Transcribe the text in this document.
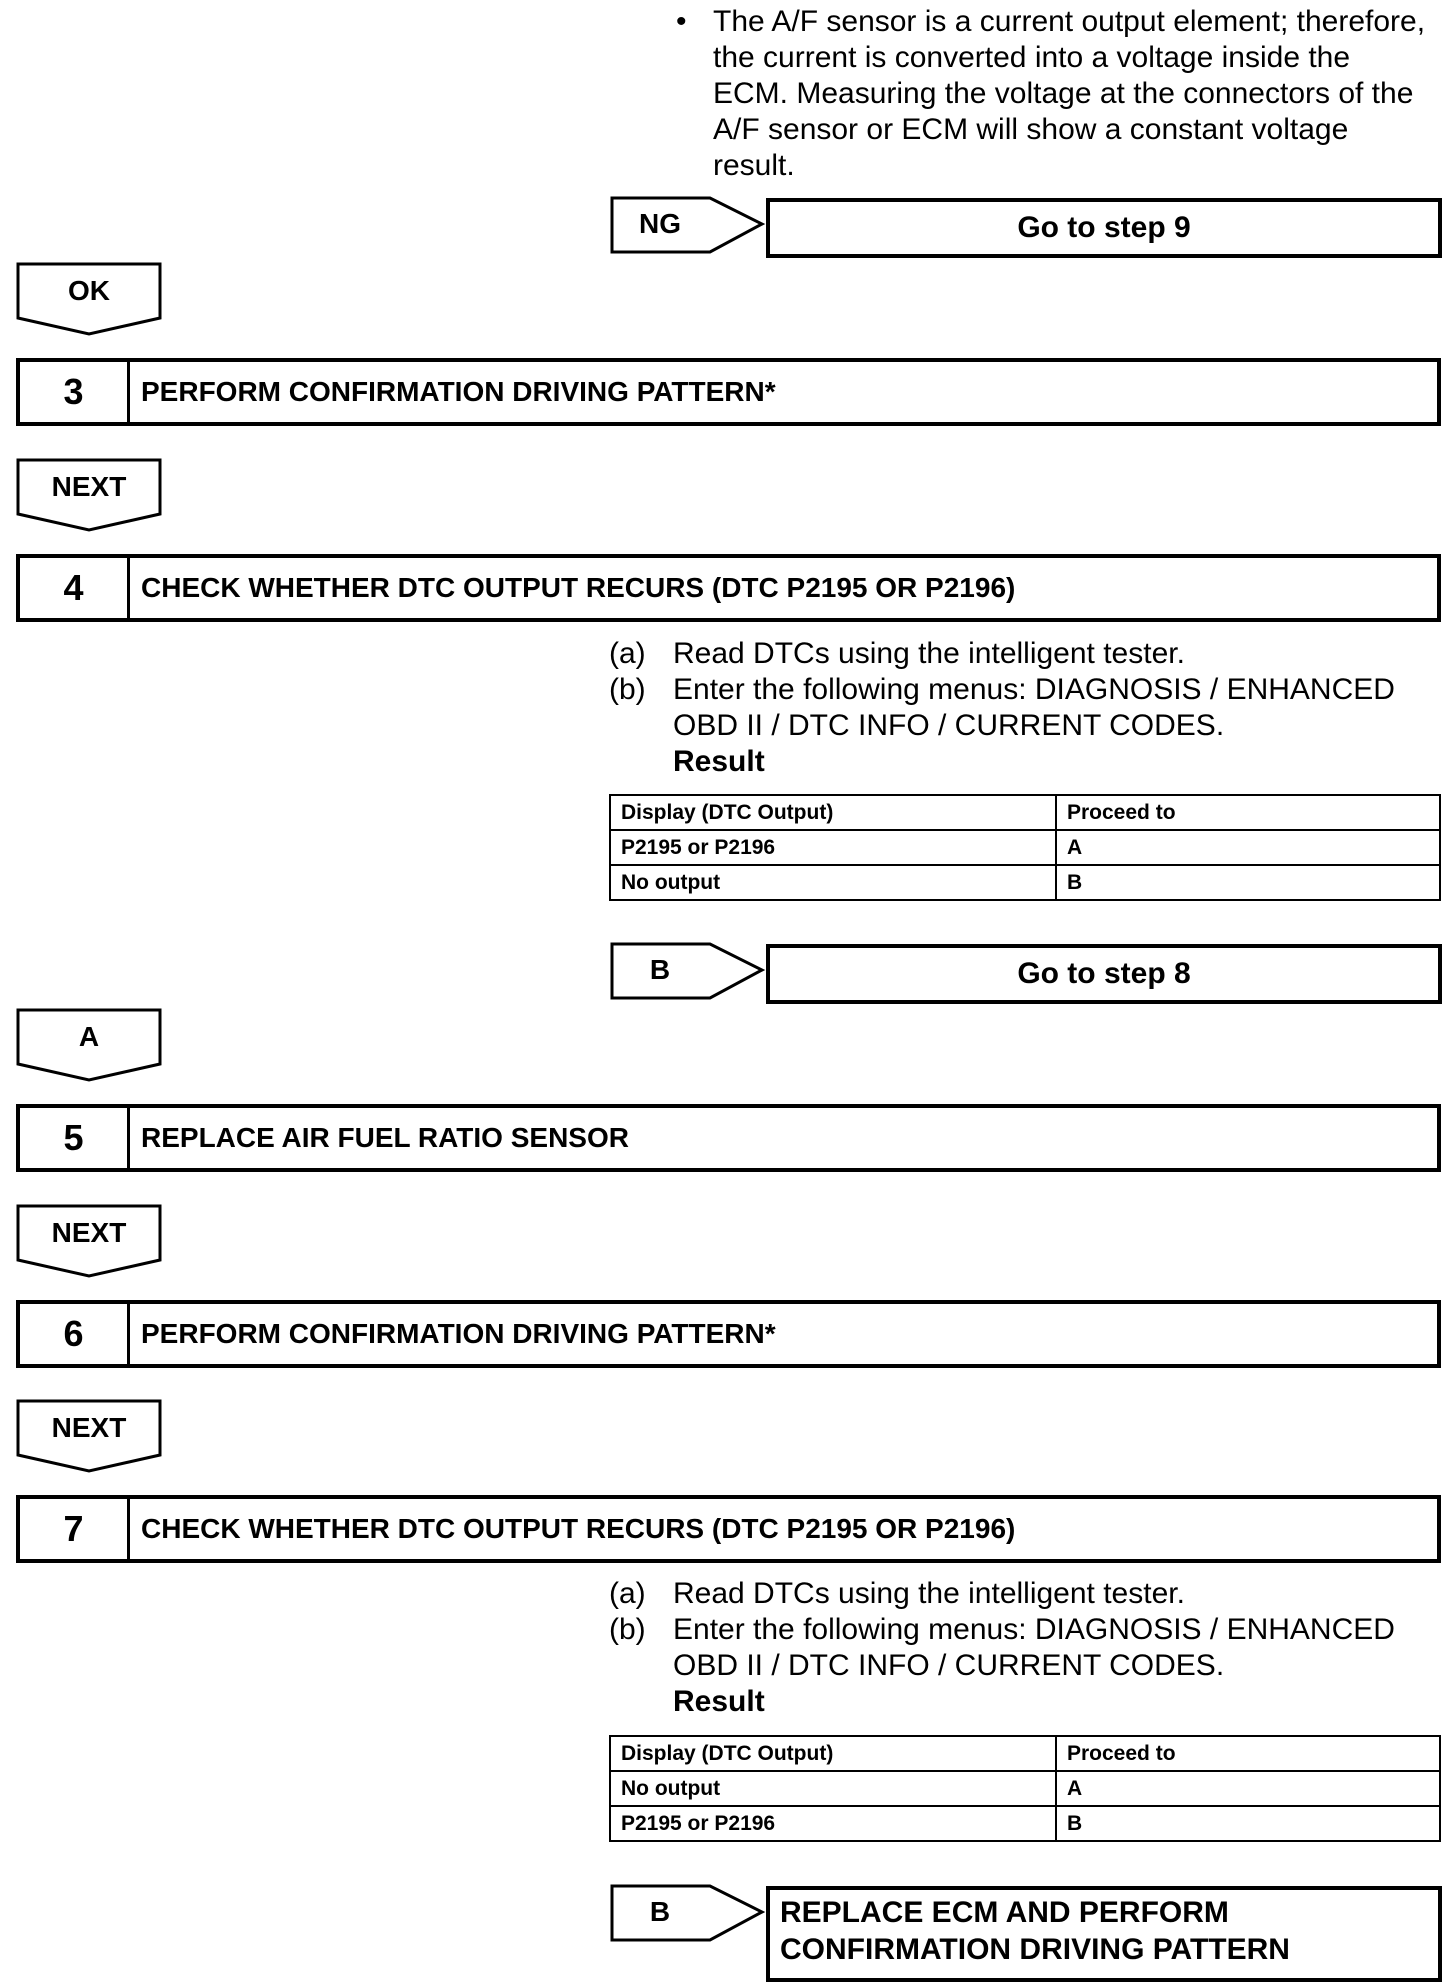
• The A/F sensor is a current output element; therefore,
the current is converted into a voltage inside the
ECM. Measuring the voltage at the connectors of the
A/F sensor or ECM will show a constant voltage
result.
NG	Go to step 9
OK
3	PERFORM CONFIRMATION DRIVING PATTERN*
NEXT
4	CHECK WHETHER DTC OUTPUT RECURS (DTC P2195 OR P2196)
(a) Read DTCs using the intelligent tester.
(b) Enter the following menus: DIAGNOSIS / ENHANCED
OBD II / DTC INFO / CURRENT CODES.
Result
Display (DTC Output)	Proceed to
P2195 or P2196	A
No output	B
B	Go to step 8
A
5	REPLACE AIR FUEL RATIO SENSOR
NEXT
6	PERFORM CONFIRMATION DRIVING PATTERN*
NEXT
7	CHECK WHETHER DTC OUTPUT RECURS (DTC P2195 OR P2196)
(a) Read DTCs using the intelligent tester.
(b) Enter the following menus: DIAGNOSIS / ENHANCED
OBD II / DTC INFO / CURRENT CODES.
Result
Display (DTC Output)	Proceed to
No output	A
P2195 or P2196	B
B	REPLACE ECM AND PERFORM
CONFIRMATION DRIVING PATTERN
